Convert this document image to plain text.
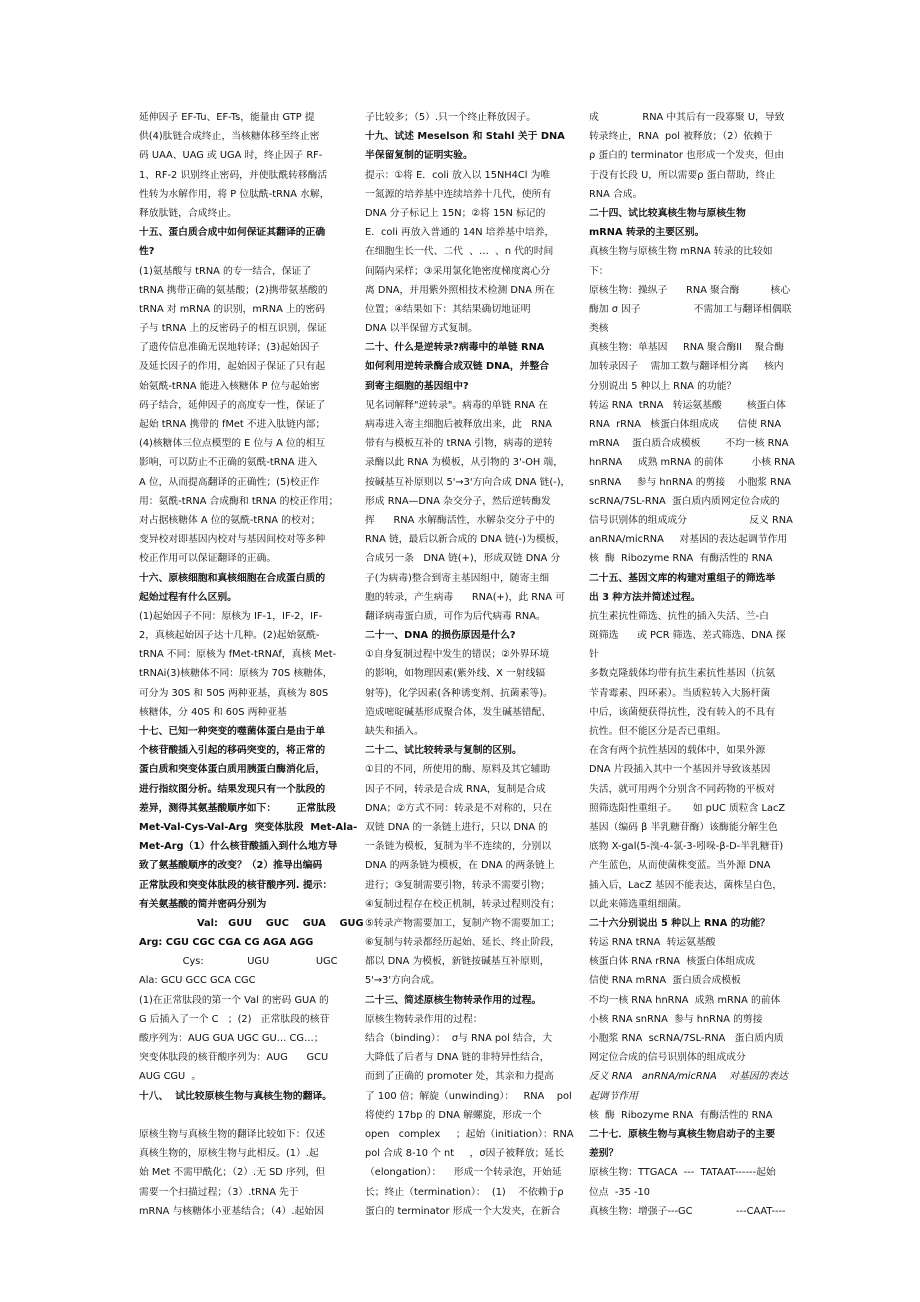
延伸因子 EF-Tu、EF-Ts，能量由 GTP 提
供(4)肽链合成终止，当核糖体移至终止密
码 UAA、UAG 或 UGA 时，终止因子 RF-
1、RF-2 识别终止密码，并使肽酰转移酶活
性转为水解作用，将 P 位肽酰-tRNA 水解，
释放肽链，合成终止。
十五、蛋白质合成中如何保证其翻译的正确
性?
(1)氨基酸与 tRNA 的专一结合，保证了
tRNA 携带正确的氨基酸；(2)携带氨基酸的
tRNA 对 mRNA 的识别，mRNA 上的密码
子与 tRNA 上的反密码子的相互识别，保证
了遗传信息准确无误地转译；(3)起始因子
及延长因子的作用，起始因子保证了只有起
始氨酰-tRNA 能进入核糖体 P 位与起始密
码子结合，延伸因子的高度专一性，保证了
起始 tRNA 携带的 fMet 不进入肽链内部；
(4)核糖体三位点模型的 E 位与 A 位的相互
影响，可以防止不正确的氨酰-tRNA 进入
A 位，从而提高翻译的正确性；(5)校正作
用：氨酰-tRNA 合成酶和 tRNA 的校正作用；
对占据核糖体 A 位的氨酰-tRNA 的校对；
变异校对即基因内校对与基因间校对等多种
校正作用可以保证翻译的正确。
十六、原核细胞和真核细胞在合成蛋白质的
起始过程有什么区别。
(1)起始因子不同：原核为 IF-1，IF-2，IF-
2，真核起始因子达十几种。(2)起始氨酰-
tRNA 不同：原核为 fMet-tRNAf，真核 Met-
tRNAi(3)核糖体不同：原核为 70S 核糖体，
可分为 30S 和 50S 两种亚基，真核为 80S
核糖体，分 40S 和 60S 两种亚基
十七、已知一种突变的噬菌体蛋白是由于单
个核苷酸插入引起的移码突变的，将正常的
蛋白质和突变体蛋白质用胰蛋白酶消化后，
进行指纹图分析。结果发现只有一个肽段的
差异，测得其氨基酸顺序如下：      正常肽段
Met-Val-Cys-Val-Arg  突变体肽段  Met-Ala-
Met-Arg（1）什么核苷酸插入到什么地方导
致了氨基酸顺序的改变？（2）推导出编码
正常肽段和突变体肽段的核苷酸序列. 提示：
有关氨基酸的简并密码分别为
Val:   GUU    GUC    GUA    GUG
Arg: CGU CGC CGA CG AGA AGG
Cys:              UGU               UGC
Ala: GCU GCC GCA CGC
(1)在正常肽段的第一个 Val 的密码 GUA 的
G 后插入了一个 C   ；(2)   正常肽段的核苷
酸序列为：AUG GUA UGC GU… CG…；
突变体肽段的核苷酸序列为：AUG      GCU
AUG CGU  。
十八、  试比较原核生物与真核生物的翻译。
原核生物与真核生物的翻译比较如下：仅述
真核生物的，原核生物与此相反。(1）.起
始 Met 不需甲酰化；（2）.无 SD 序列，但
需要一个扫描过程；（3）.tRNA 先于
mRNA 与核糖体小亚基结合；（4）.起始因
子比较多；（5）.只一个终止释放因子。
十九、试述 Meselson 和 Stahl 关于 DNA
半保留复制的证明实验。
提示：①将 E．coli 放入以 15NH4Cl 为唯
一氮源的培养基中连续培养十几代，使所有
DNA 分子标记上 15N；②将 15N 标记的
E．coli 再放入普通的 14N 培养基中培养，
在细胞生长一代、二代  、…  、n 代的时间
间隔内采样；③采用氯化铯密度梯度离心分
离 DNA，并用紫外照相技术检测 DNA 所在
位置；④结果如下：其结果确切地证明
DNA 以半保留方式复制。
二十、什么是逆转录?病毒中的单链 RNA
如何利用逆转录酶合成双链 DNA，并整合
到寄主细胞的基因组中?
见名词解释"逆转录"。病毒的单链 RNA 在
病毒进入寄主细胞后被释放出来，此   RNA
带有与模板互补的 tRNA 引物，病毒的逆转
录酶以此 RNA 为模板，从引物的 3'-OH 端，
按碱基互补原则以 5'→3'方向合成 DNA 链(-)，
形成 RNA—DNA 杂交分子，然后逆转酶发
挥      RNA 水解酶活性，水解杂交分子中的
RNA 链，最后以新合成的 DNA 链(-)为模板，
合成另一条   DNA 链(+)，形成双链 DNA 分
子(为病毒)整合到寄主基因组中，随寄主细
胞的转录，产生病毒      RNA(+)，此 RNA 可
翻译病毒蛋白质，可作为后代病毒 RNA。
二十一、DNA 的损伤原因是什么?
①自身复制过程中发生的错误；②外界环境
的影响，如物理因素(紫外线、X 一射线辐
射等)，化学因素(各种诱变剂、抗菌素等)。
造成嘧啶碱基形成聚合体，发生碱基错配、
缺失和插入。
二十二、试比较转录与复制的区别。
①目的不同，所使用的酶、原料及其它辅助
因子不同，转录是合成 RNA，复制是合成
DNA；②方式不同：转录是不对称的，只在
双链 DNA 的一条链上进行，只以 DNA 的
一条链为模板，复制为半不连续的，分别以
DNA 的两条链为模板，在 DNA 的两条链上
进行；③复制需要引物，转录不需要引物；
④复制过程存在校正机制，转录过程则没有；
⑤转录产物需要加工，复制产物不需要加工；
⑥复制与转录都经历起始、延长、终止阶段，
都以 DNA 为模板，新链按碱基互补原则，
5'→3'方向合成。
二十三、简述原核生物转录作用的过程。
原核生物转录作用的过程：
结合（binding）：  σ与 RNA pol 结合，大
大降低了后者与 DNA 链的非特异性结合，
而到了正确的 promoter 处，其亲和力提高
了 100 倍；解旋（unwinding）：   RNA    pol
将使约 17bp 的 DNA 解螺旋，形成一个
open   complex     ；起始（initiation）：RNA
pol 合成 8-10 个 nt     ，σ因子被释放；延长
（elongation）：    形成一个转录泡，开始延
长；终止（termination）：  (1)    不依赖于ρ
蛋白的 terminator 形成一个大发夹，在新合
成              RNA 中其后有一段寡聚 U，导致
转录终止，RNA  pol 被释放；（2）依赖于
ρ 蛋白的 terminator 也形成一个发夹，但由
于没有长段 U，所以需要ρ 蛋白帮助，终止
RNA 合成。
二十四、试比较真核生物与原核生物
mRNA 转录的主要区别。
真核生物与原核生物 mRNA 转录的比较如
下：
原核生物：操纵子      RNA 聚合酶          核心
酶加 σ 因子                 不需加工与翻译相偶联
类核
真核生物：单基因     RNA 聚合酶II    聚合酶
加转录因子    需加工数与翻译相分离     核内
分别说出 5 种以上 RNA 的功能？
转运 RNA  tRNA   转运氨基酸        核蛋白体
RNA  rRNA   核蛋白体组成成      信使 RNA
mRNA    蛋白质合成模板        不均一核 RNA
hnRNA     成熟 mRNA 的前体         小核 RNA
snRNA     参与 hnRNA 的剪接    小胞浆 RNA
scRNA/7SL-RNA  蛋白质内质网定位合成的
信号识别体的组成成分                    反义 RNA
anRNA/micRNA     对基因的表达起调节作用
核  酶  Ribozyme RNA  有酶活性的 RNA
二十五、基因文库的构建对重组子的筛选举
出 3 种方法并简述过程。
抗生素抗性筛选、抗性的插入失活、兰-白
斑筛选      或 PCR 筛选、差式筛选、DNA 探
针
多数克隆载体均带有抗生素抗性基因（抗氨
苄青霉素、四环素）。当质粒转入大肠杆菌
中后，该菌便获得抗性，没有转入的不具有
抗性。但不能区分是否已重组。
在含有两个抗性基因的载体中，如果外源
DNA 片段插入其中一个基因并导致该基因
失活，就可用两个分别含不同药物的平板对
照筛选阳性重组子。     如 pUC 质粒含 LacZ
基因（编码 β 半乳糖苷酶）该酶能分解生色
底物 X-gal(5-溴-4-氯-3-吲哚-β-D-半乳糖苷)
产生蓝色，从而使菌株变蓝。当外源 DNA
插入后，LacZ 基因不能表达，菌株呈白色，
以此来筛选重组细菌。
二十六分别说出 5 种以上 RNA 的功能？
转运 RNA tRNA  转运氨基酸
核蛋白体 RNA rRNA  核蛋白体组成成
信使 RNA mRNA  蛋白质合成模板
不均一核 RNA hnRNA  成熟 mRNA 的前体
小核 RNA snRNA  参与 hnRNA 的剪接
小胞浆 RNA  scRNA/7SL-RNA   蛋白质内质
网定位合成的信号识别体的组成成分
反义 RNA   anRNA/micRNA    对基因的表达
起调节作用
核  酶  Ribozyme RNA  有酶活性的 RNA
二十七．原核生物与真核生物启动子的主要
差别？
原核生物：TTGACA  ---  TATAAT------起始
位点  -35 -10
真核生物：增强子---GC              ---CAAT----
